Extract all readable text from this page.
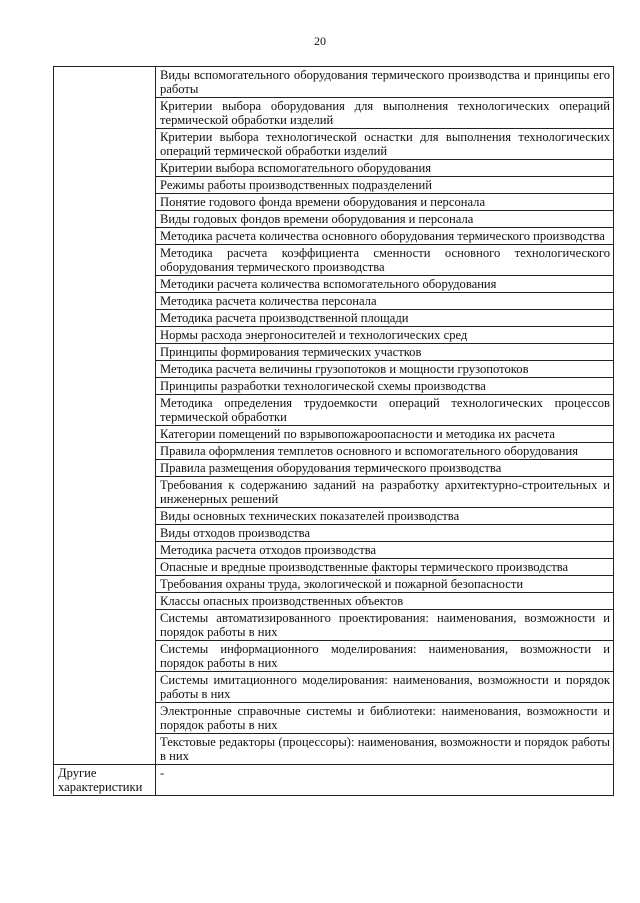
20
	Виды вспомогательного оборудования термического производства и принципы его работы
	Критерии выбора оборудования для выполнения технологических операций термической обработки изделий
	Критерии выбора технологической оснастки для выполнения технологических операций термической обработки изделий
	Критерии выбора вспомогательного оборудования
	Режимы работы производственных подразделений
	Понятие годового фонда времени оборудования и персонала
	Виды годовых фондов времени оборудования и персонала
	Методика расчета количества основного оборудования термического производства
	Методика расчета коэффициента сменности основного технологического оборудования термического производства
	Методики расчета количества вспомогательного оборудования
	Методика расчета количества персонала
	Методика расчета производственной площади
	Нормы расхода энергоносителей и технологических сред
	Принципы формирования термических участков
	Методика расчета величины грузопотоков и мощности грузопотоков
	Принципы разработки технологической схемы производства
	Методика определения трудоемкости операций технологических процессов термической обработки
	Категории помещений по взрывопожароопасности и методика их расчета
	Правила оформления темплетов основного и вспомогательного оборудования
	Правила размещения оборудования термического производства
	Требования к содержанию заданий на разработку архитектурно-строительных и инженерных решений
	Виды основных технических показателей производства
	Виды отходов производства
	Методика расчета отходов производства
	Опасные и вредные производственные факторы термического производства
	Требования охраны труда, экологической и пожарной безопасности
	Классы опасных производственных объектов
	Системы автоматизированного проектирования: наименования, возможности и порядок работы в них
	Системы информационного моделирования: наименования, возможности и порядок работы в них
	Системы имитационного моделирования: наименования, возможности и порядок работы в них
	Электронные справочные системы и библиотеки: наименования, возможности и порядок работы в них
	Текстовые редакторы (процессоры): наименования, возможности и порядок работы в них
Другие характеристики	-
